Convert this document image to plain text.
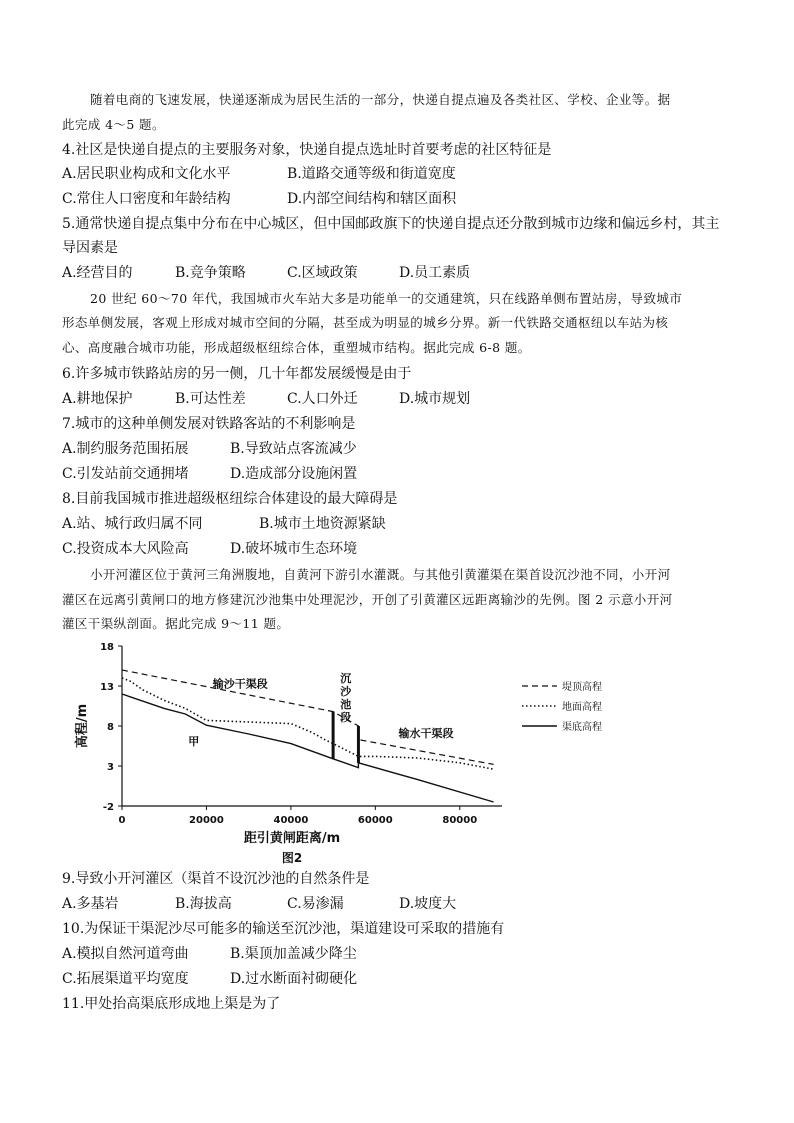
随着电商的飞速发展，快递逐渐成为居民生活的一部分，快递自提点遍及各类社区、学校、企业等。据
此完成 4～5 题。
4.社区是快递自提点的主要服务对象，快递自提点选址时首要考虑的社区特征是
A.居民职业构成和文化水平	B.道路交通等级和街道宽度
C.常住人口密度和年龄结构	D.内部空间结构和辖区面积
5.通常快递自提点集中分布在中心城区，但中国邮政旗下的快递自提点还分散到城市边缘和偏远乡村，其主
导因素是
A.经营目的	B.竞争策略	C.区域政策	D.员工素质
20 世纪 60～70 年代，我国城市火车站大多是功能单一的交通建筑，只在线路单侧布置站房，导致城市
形态单侧发展，客观上形成对城市空间的分隔，甚至成为明显的城乡分界。新一代铁路交通枢纽以车站为核
心、高度融合城市功能，形成超级枢纽综合体，重塑城市结构。据此完成 6-8 题。
6.许多城市铁路站房的另一侧，几十年都发展缓慢是由于
A.耕地保护	B.可达性差	C.人口外迁	D.城市规划
7.城市的这种单侧发展对铁路客站的不利影响是
A.制约服务范围拓展	B.导致站点客流减少
C.引发站前交通拥堵	D.造成部分设施闲置
8.目前我国城市推进超级枢纽综合体建设的最大障碍是
A.站、城行政归属不同	B.城市土地资源紧缺
C.投资成本大风险高	D.破坏城市生态环境
小开河灌区位于黄河三角洲腹地，自黄河下游引水灌溉。与其他引黄灌渠在渠首设沉沙池不同，小开河
灌区在远离引黄闸口的地方修建沉沙池集中处理泥沙，开创了引黄灌区远距离输沙的先例。图 2 示意小开河
灌区干渠纵剖面。据此完成 9～11 题。
-2
3
8
13
18
0	20000	40000	60000	80000
距引黄闸距离/m
高程/m
图2
输沙干渠段	沉
沙
池
段
输水干渠段
甲
堤顶高程
地面高程
渠底高程
9.导致小开河灌区（渠首不设沉沙池的自然条件是
A.多基岩	B.海拔高	C.易渗漏	D.坡度大
10.为保证干渠泥沙尽可能多的输送至沉沙池，渠道建设可采取的措施有
A.模拟自然河道弯曲	B.渠顶加盖减少降尘
C.拓展渠道平均宽度	D.过水断面衬砌硬化
11.甲处抬高渠底形成地上渠是为了
